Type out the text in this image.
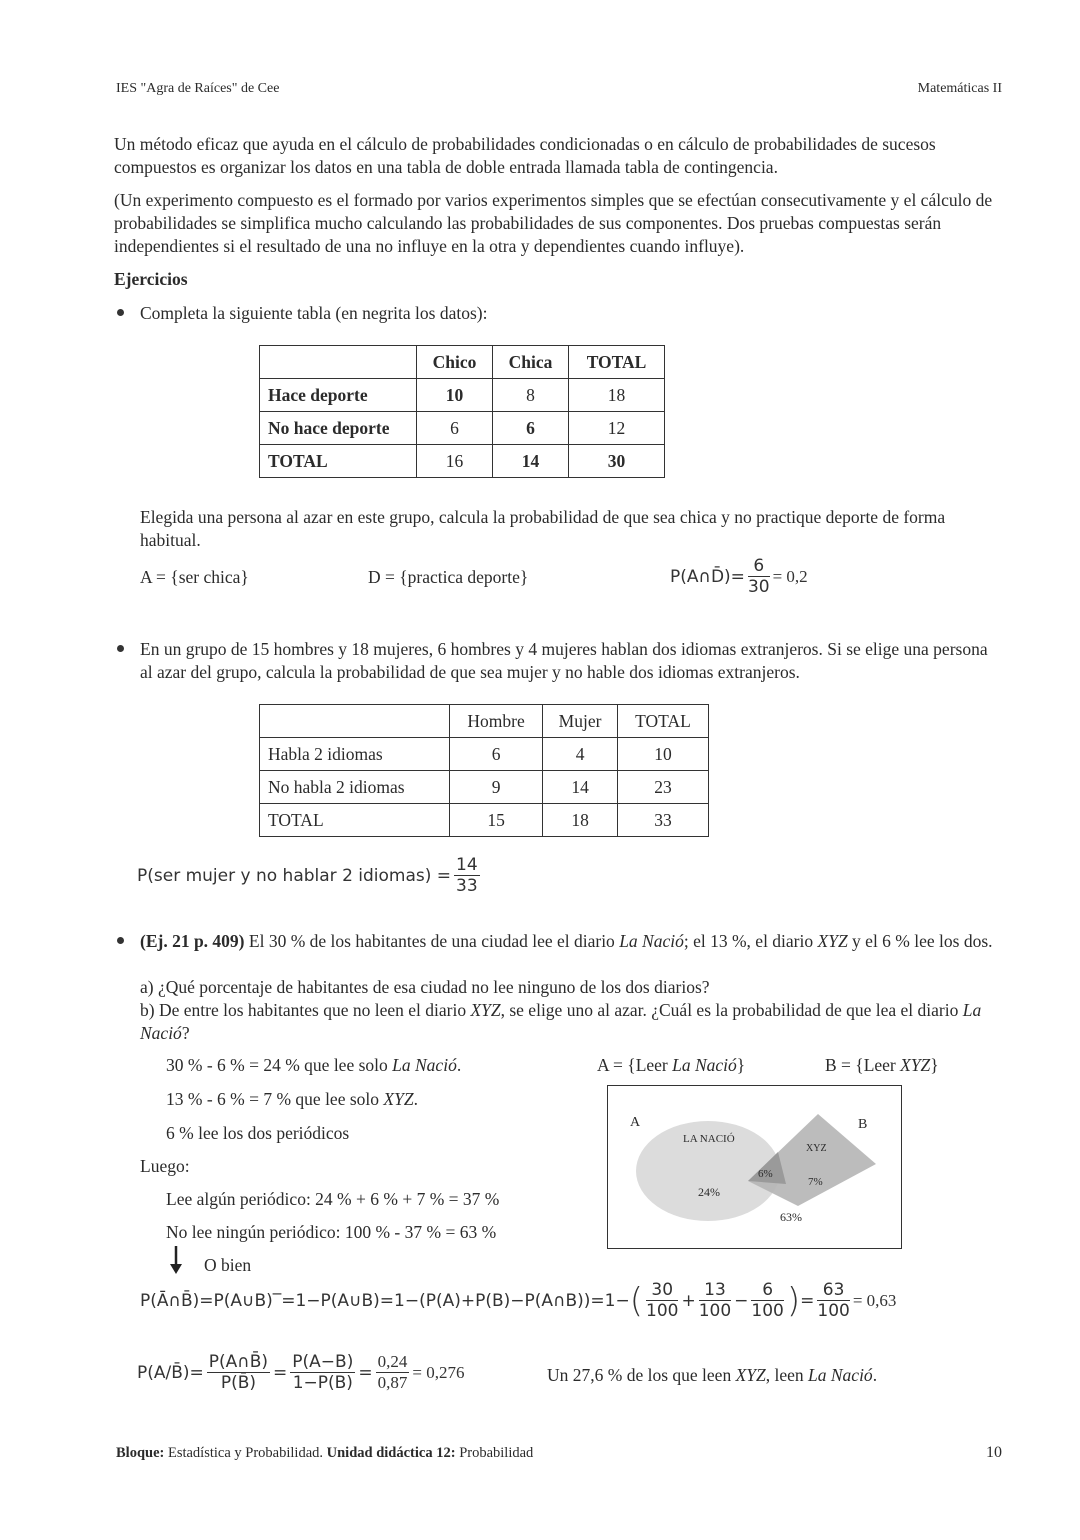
IES "Agra de Raíces" de Cee	Matemáticas II

Un método eficaz que ayuda en el cálculo de probabilidades condicionadas o en cálculo de probabilidades de sucesos compuestos es organizar los datos en una tabla de doble entrada llamada tabla de contingencia.

(Un experimento compuesto es el formado por varios experimentos simples que se efectúan consecutivamente y el cálculo de probabilidades se simplifica mucho calculando las probabilidades de sus componentes. Dos pruebas compuestas serán independientes si el resultado de una no influye en la otra y dependientes cuando influye).

Ejercicios
Completa la siguiente tabla (en negrita los datos):
	Chico	Chica	TOTAL
Hace deporte	10	8	18
No hace deporte	6	6	12
TOTAL	16	14	30

Elegida una persona al azar en este grupo, calcula la probabilidad de que sea chica y no practique deporte de forma habitual.

A = {ser chica}	D = {practica deporte}	P(A∩D̄)= $\frac{6}{30} = 0,2$

En un grupo de 15 hombres y 18 mujeres, 6 hombres y 4 mujeres hablan dos idiomas extranjeros. Si se elige una persona al azar del grupo, calcula la probabilidad de que sea mujer y no hable dos idiomas extranjeros.

	Hombre	Mujer	TOTAL
Habla 2 idiomas	6	4	10
No habla 2 idiomas	9	14	23
TOTAL	15	18	33
P(ser mujer y no hablar 2 idiomas) = $\frac{14}{33}$

(Ej. 21 p. 409) El 30 % de los habitantes de una ciudad lee el diario La Nació; el 13 %, el diario XYZ y el 6 % lee los dos.

a) ¿Qué porcentaje de habitantes de esa ciudad no lee ninguno de los dos diarios?

b) De entre los habitantes que no leen el diario XYZ, se elige uno al azar. ¿Cuál es la probabilidad de que lea el diario La Nació?

30 % - 6 % = 24 % que lee solo La Nació.
13 % - 6 % = 7 % que lee solo XYZ.
6 % lee los dos periódicos
Luego:
Lee algún periódico: 24 % + 6 % + 7 % = 37 %
No lee ningún periódico: 100 % - 37 % = 63 %
O bien
A = {Leer La Nació}	B = {Leer XYZ}
A	B
LA NACIÓ
XYZ
24%
6%
7%
63%
P(Ā∩B̄)=P(A∪B)‾=1−P(A∪B)=1−(P(A)+P(B)−P(A∩B))=1− ( $\frac{30}{100} + \frac{13}{100} - \frac{6}{100}$ ) = $\frac{63}{100} = 0,63$
P(A/B̄)= $\frac{P(A\cap B̄)}{P(B̄)} = \frac{P(A-B)}{1-P(B)} = \frac{0,24}{0,87} = 0,276$	Un 27,6 % de los que leen XYZ, leen La Nació.
Bloque: Estadística y Probabilidad. Unidad didáctica 12: Probabilidad	10
